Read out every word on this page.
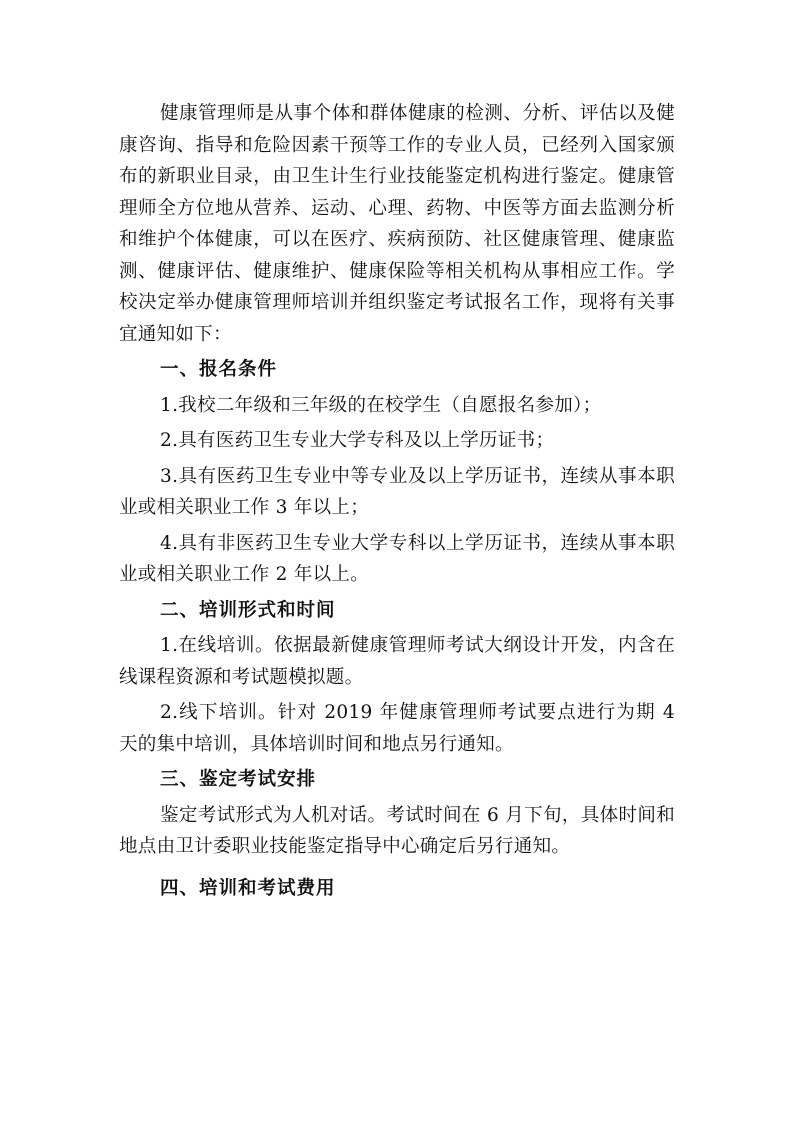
健康管理师是从事个体和群体健康的检测、分析、评估以及健康咨询、指导和危险因素干预等工作的专业人员，已经列入国家颁布的新职业目录，由卫生计生行业技能鉴定机构进行鉴定。健康管理师全方位地从营养、运动、心理、药物、中医等方面去监测分析和维护个体健康，可以在医疗、疾病预防、社区健康管理、健康监测、健康评估、健康维护、健康保险等相关机构从事相应工作。学校决定举办健康管理师培训并组织鉴定考试报名工作，现将有关事宜通知如下：

一、报名条件

1.我校二年级和三年级的在校学生（自愿报名参加）；

2.具有医药卫生专业大学专科及以上学历证书；

3.具有医药卫生专业中等专业及以上学历证书，连续从事本职业或相关职业工作 3 年以上；

4.具有非医药卫生专业大学专科以上学历证书，连续从事本职业或相关职业工作 2 年以上。

二、培训形式和时间

1.在线培训。依据最新健康管理师考试大纲设计开发，内含在线课程资源和考试题模拟题。

2.线下培训。针对 2019 年健康管理师考试要点进行为期 4 天的集中培训，具体培训时间和地点另行通知。

三、鉴定考试安排

鉴定考试形式为人机对话。考试时间在 6 月下旬，具体时间和地点由卫计委职业技能鉴定指导中心确定后另行通知。

四、培训和考试费用
